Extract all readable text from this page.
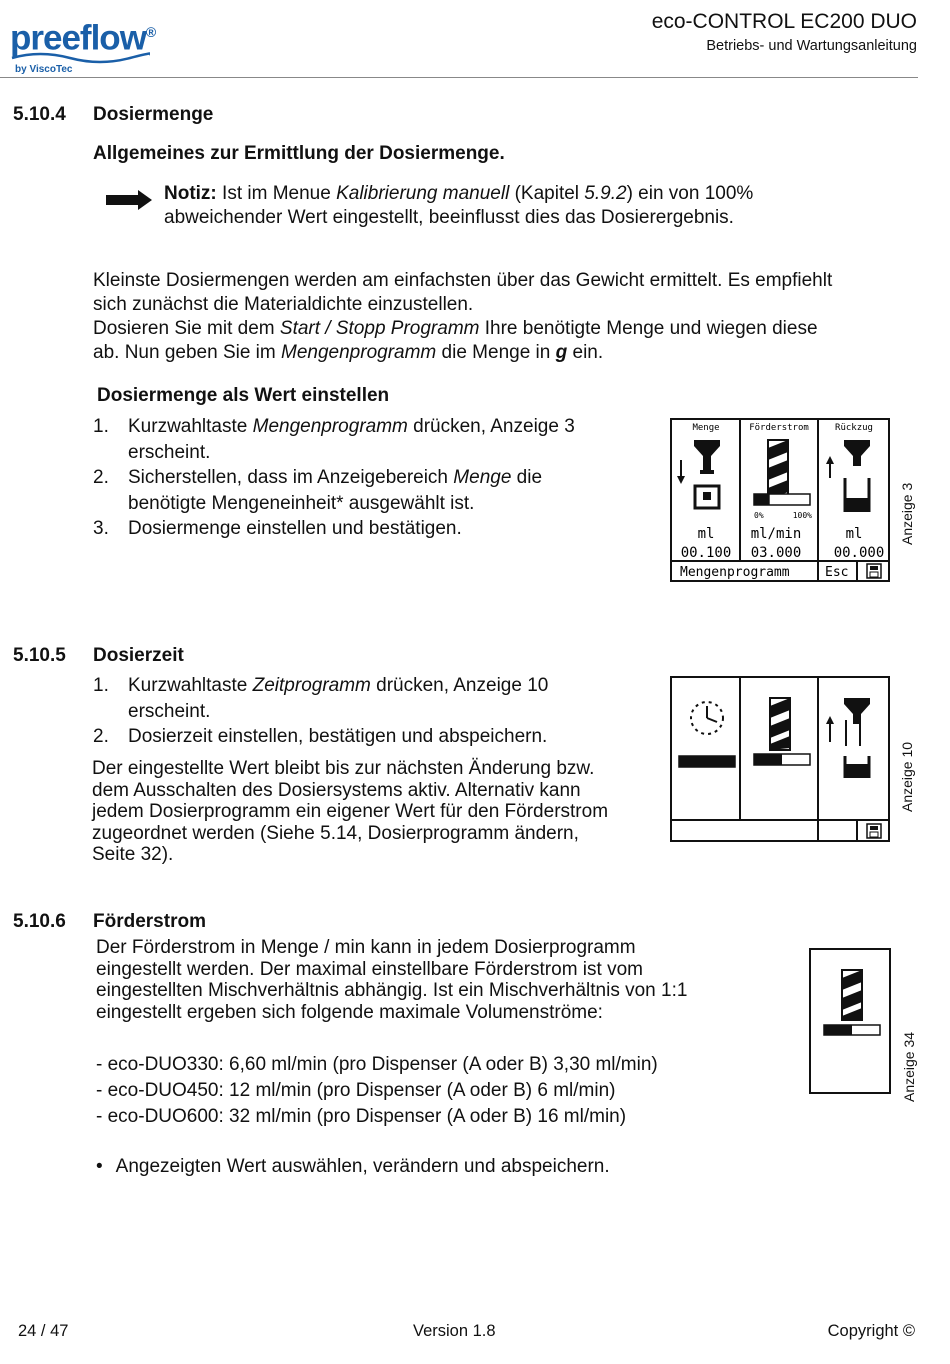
preeflow®
by ViscoTec
eco-CONTROL EC200 DUO
Betriebs- und Wartungsanleitung
5.10.4 Dosiermenge
Allgemeines zur Ermittlung der Dosiermenge.
Notiz: Ist im Menue Kalibrierung manuell (Kapitel 5.9.2) ein von 100%
abweichender Wert eingestellt, beeinflusst dies das Dosierergebnis.
Kleinste Dosiermengen werden am einfachsten über das Gewicht ermittelt. Es empfiehlt
sich zunächst die Materialdichte einzustellen.
Dosieren Sie mit dem Start / Stopp Programm Ihre benötigte Menge und wiegen diese
ab. Nun geben Sie im Mengenprogramm die Menge in g ein.
Dosiermenge als Wert einstellen
1. Kurzwahltaste Mengenprogramm drücken, Anzeige 3
erscheint.
2. Sicherstellen, dass im Anzeigebereich Menge die
benötigte Mengeneinheit* ausgewählt ist.
3. Dosiermenge einstellen und bestätigen.
Menge	Förderstrom	Rückzug
0%	100%
ml	ml/min	ml
00.100 03.000 00.000
Mengenprogramm	Esc
Anzeige 3
5.10.5 Dosierzeit
1. Kurzwahltaste Zeitprogramm drücken, Anzeige 10
erscheint.
2. Dosierzeit einstellen, bestätigen und abspeichern.
Der eingestellte Wert bleibt bis zur nächsten Änderung bzw.
dem Ausschalten des Dosiersystems aktiv. Alternativ kann
jedem Dosierprogramm ein eigener Wert für den Förderstrom
zugeordnet werden (Siehe 5.14, Dosierprogramm ändern,
Seite 32).
Anzeige 10
5.10.6 Förderstrom
Der Förderstrom in Menge / min kann in jedem Dosierprogramm
eingestellt werden. Der maximal einstellbare Förderstrom ist vom
eingestellten Mischverhältnis abhängig. Ist ein Mischverhältnis von 1:1
eingestellt ergeben sich folgende maximale Volumenströme:
- eco-DUO330: 6,60 ml/min (pro Dispenser (A oder B) 3,30 ml/min)
- eco-DUO450: 12 ml/min (pro Dispenser (A oder B) 6 ml/min)
- eco-DUO600: 32 ml/min (pro Dispenser (A oder B) 16 ml/min)
• Angezeigten Wert auswählen, verändern und abspeichern.
Anzeige 34
24 / 47	Version 1.8	Copyright ©
